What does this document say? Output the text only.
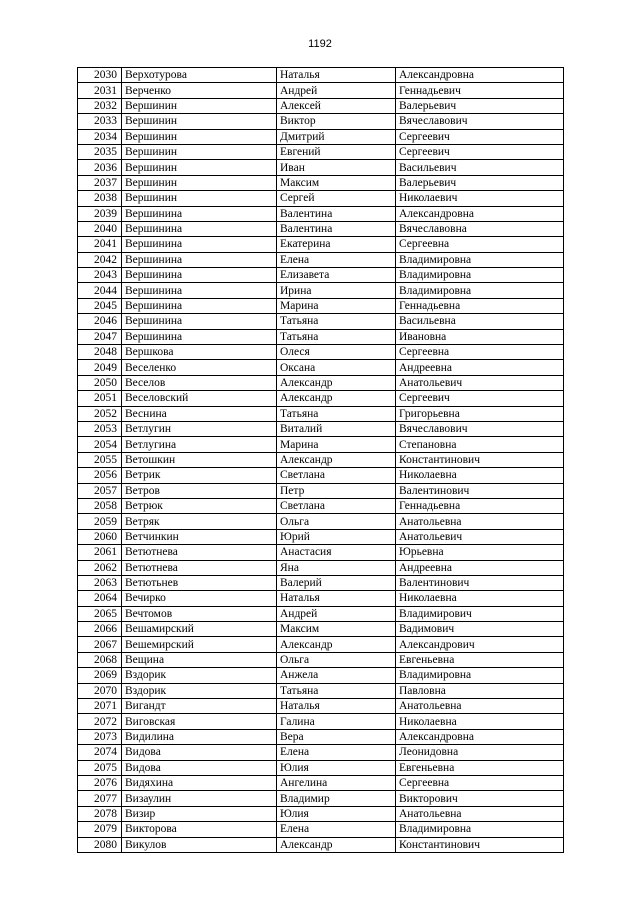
1192
2030	Верхотурова	Наталья	Александровна
2031	Верченко	Андрей	Геннадьевич
2032	Вершинин	Алексей	Валерьевич
2033	Вершинин	Виктор	Вячеславович
2034	Вершинин	Дмитрий	Сергеевич
2035	Вершинин	Евгений	Сергеевич
2036	Вершинин	Иван	Васильевич
2037	Вершинин	Максим	Валерьевич
2038	Вершинин	Сергей	Николаевич
2039	Вершинина	Валентина	Александровна
2040	Вершинина	Валентина	Вячеславовна
2041	Вершинина	Екатерина	Сергеевна
2042	Вершинина	Елена	Владимировна
2043	Вершинина	Елизавета	Владимировна
2044	Вершинина	Ирина	Владимировна
2045	Вершинина	Марина	Геннадьевна
2046	Вершинина	Татьяна	Васильевна
2047	Вершинина	Татьяна	Ивановна
2048	Вершкова	Олеся	Сергеевна
2049	Веселенко	Оксана	Андреевна
2050	Веселов	Александр	Анатольевич
2051	Веселовский	Александр	Сергеевич
2052	Веснина	Татьяна	Григорьевна
2053	Ветлугин	Виталий	Вячеславович
2054	Ветлугина	Марина	Степановна
2055	Ветошкин	Александр	Константинович
2056	Ветрик	Светлана	Николаевна
2057	Ветров	Петр	Валентинович
2058	Ветрюк	Светлана	Геннадьевна
2059	Ветряк	Ольга	Анатольевна
2060	Ветчинкин	Юрий	Анатольевич
2061	Ветютнева	Анастасия	Юрьевна
2062	Ветютнева	Яна	Андреевна
2063	Ветютьнев	Валерий	Валентинович
2064	Вечирко	Наталья	Николаевна
2065	Вечтомов	Андрей	Владимирович
2066	Вешамирский	Максим	Вадимович
2067	Вешемирский	Александр	Александрович
2068	Вещина	Ольга	Евгеньевна
2069	Вздорик	Анжела	Владимировна
2070	Вздорик	Татьяна	Павловна
2071	Вигандт	Наталья	Анатольевна
2072	Виговская	Галина	Николаевна
2073	Видилина	Вера	Александровна
2074	Видова	Елена	Леонидовна
2075	Видова	Юлия	Евгеньевна
2076	Видяхина	Ангелина	Сергеевна
2077	Визаулин	Владимир	Викторович
2078	Визир	Юлия	Анатольевна
2079	Викторова	Елена	Владимировна
2080	Викулов	Александр	Константинович
